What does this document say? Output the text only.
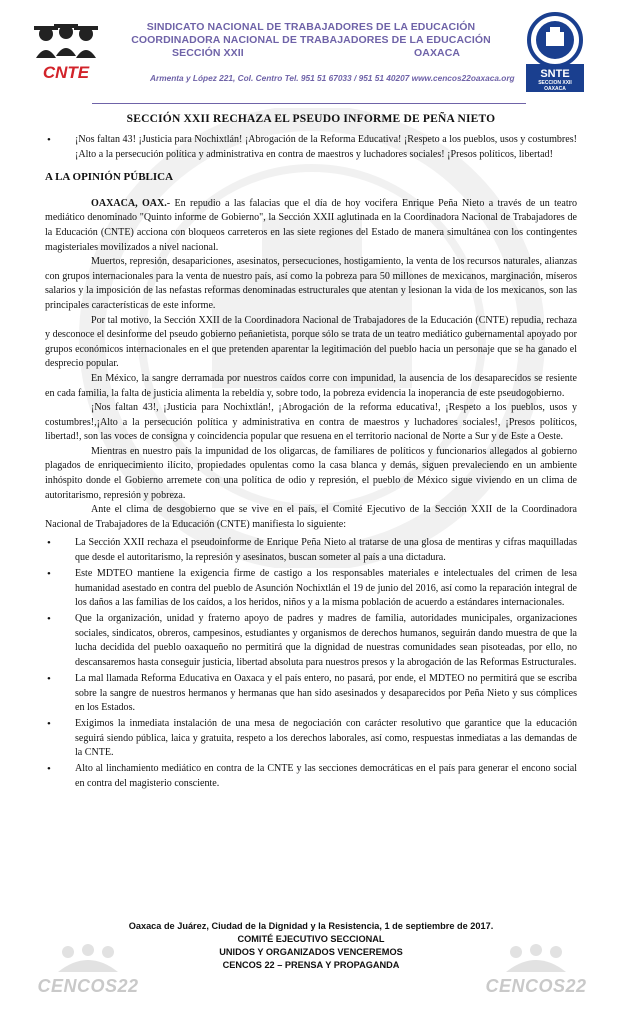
CNTE	SNTE
SECCION XXII
OAXACA
SINDICATO NACIONAL DE TRABAJADORES DE LA EDUCACIÓN
COORDINADORA NACIONAL DE TRABAJADORES DE LA EDUCACIÓN
SECCIÓN XXII	OAXACA
Armenta y López 221, Col. Centro Tel. 951 51 67033 / 951 51 40207 www.cencos22oaxaca.org
SECCIÓN XXII RECHAZA EL PSEUDO INFORME DE PEÑA NIETO
• ¡Nos faltan 43! ¡Justicia para Nochixtlán! ¡Abrogación de la Reforma Educativa! ¡Respeto a los pueblos, usos y costumbres! ¡Alto a la persecución política y administrativa en contra de maestros y luchadores sociales! ¡Presos políticos, libertad!
A LA OPINIÓN PÚBLICA

OAXACA, OAX.- En repudio a las falacias que el día de hoy vocifera Enrique Peña Nieto a través de un teatro mediático denominado "Quinto informe de Gobierno", la Sección XXII aglutinada en la Coordinadora Nacional de Trabajadores de la Educación (CNTE) acciona con bloqueos carreteros en las siete regiones del Estado de manera simultánea con los contingentes magisteriales movilizados a nivel nacional.

Muertos, represión, desapariciones, asesinatos, persecuciones, hostigamiento, la venta de los recursos naturales, alianzas con grupos internacionales para la venta de nuestro país, así como la pobreza para 50 millones de mexicanos, marginación, míseros salarios y la imposición de las nefastas reformas denominadas estructurales que atentan y lesionan la vida de los mexicanos, son las principales características de este informe.

Por tal motivo, la Sección XXII de la Coordinadora Nacional de Trabajadores de la Educación (CNTE) repudia, rechaza y desconoce el desinforme del pseudo gobierno peñanietista, porque sólo se trata de un teatro mediático gubernamental apoyado por grupos económicos internacionales en el que pretenden aparentar la legitimación del pueblo hacia un personaje que se ha ganado el desprecio popular.

En México, la sangre derramada por nuestros caídos corre con impunidad, la ausencia de los desaparecidos se resiente en cada familia, la falta de justicia alimenta la rebeldía y, sobre todo, la pobreza evidencia la inoperancia de este pseudogobierno.

¡Nos faltan 43!, ¡Justicia para Nochixtlán!, ¡Abrogación de la reforma educativa!, ¡Respeto a los pueblos, usos y costumbres!,¡Alto a la persecución política y administrativa en contra de maestros y luchadores sociales!, ¡Presos políticos, libertad!, son las voces de consigna y coincidencia popular que resuena en el territorio nacional de Norte a Sur y de Este a Oeste.

Mientras en nuestro país la impunidad de los oligarcas, de familiares de políticos y funcionarios allegados al gobierno plagados de enriquecimiento ilícito, propiedades opulentas como la casa blanca y demás, siguen prevaleciendo en un ambiente inhóspito donde el Gobierno arremete con una política de odio y represión, el pueblo de México sigue viviendo en un clima de autoritarismo, represión y pobreza.

Ante el clima de desgobierno que se vive en el país, el Comité Ejecutivo de la Sección XXII de la Coordinadora Nacional de Trabajadores de la Educación (CNTE) manifiesta lo siguiente:

• La Sección XXII rechaza el pseudoinforme de Enrique Peña Nieto al tratarse de una glosa de mentiras y cifras maquilladas que desde el autoritarismo, la represión y asesinatos, buscan someter al país a una dictadura.
• Este MDTEO mantiene la exigencia firme de castigo a los responsables materiales e intelectuales del crimen de lesa humanidad asestado en contra del pueblo de Asunción Nochixtlán el 19 de junio del 2016, así como la reparación integral de los daños a las familias de los caídos, a los heridos, niños y a la misma población de acuerdo a estándares internacionales.
• Que la organización, unidad y fraterno apoyo de padres y madres de familia, autoridades municipales, organizaciones sociales, sindicatos, obreros, campesinos, estudiantes y organismos de derechos humanos, seguirán dando muestra de que la lucha decidida del pueblo oaxaqueño no permitirá que la dignidad de nuestras comunidades sean pisoteadas, por ello, no descansaremos hasta conseguir justicia, libertad absoluta para nuestros presos y la abrogación de las Reformas Estructurales.
• La mal llamada Reforma Educativa en Oaxaca y el país entero, no pasará, por ende, el MDTEO no permitirá que se escriba sobre la sangre de nuestros hermanos y hermanas que han sido asesinados y desaparecidos por Peña Nieto y sus cómplices en los Estados.
• Exigimos la inmediata instalación de una mesa de negociación con carácter resolutivo que garantice que la educación seguirá siendo pública, laica y gratuita, respeto a los derechos laborales, así como, respuestas inmediatas a las demandas de la CNTE.
• Alto al linchamiento mediático en contra de la CNTE y las secciones democráticas en el país para generar el encono social en contra del magisterio consciente.
CENCOS22	CENCOS22
Oaxaca de Juárez, Ciudad de la Dignidad y la Resistencia, 1 de septiembre de 2017.
COMITÉ EJECUTIVO SECCIONAL
UNIDOS Y ORGANIZADOS VENCEREMOS
CENCOS 22 – PRENSA Y PROPAGANDA
